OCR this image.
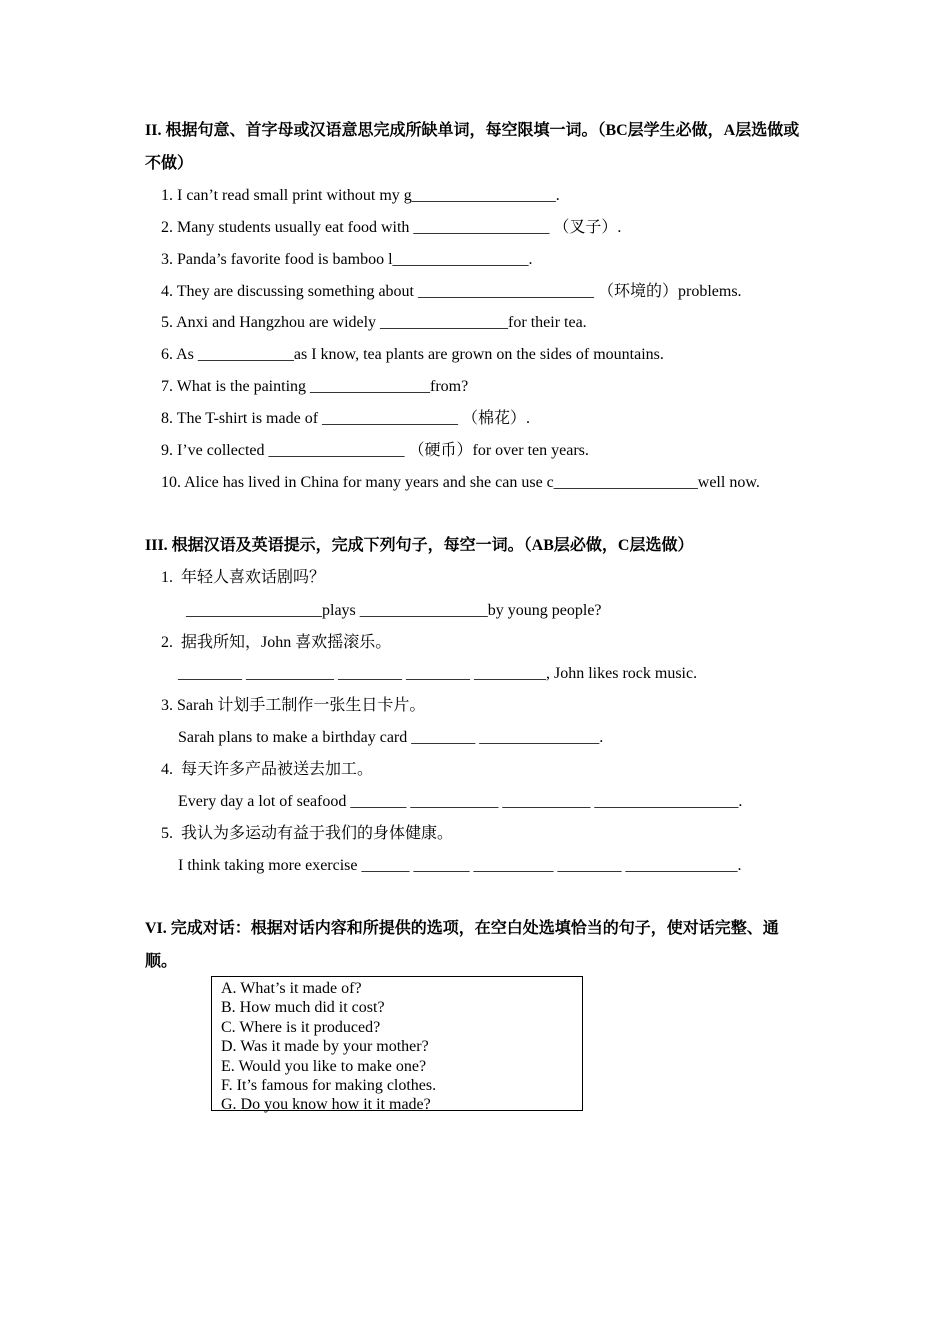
II. 根据句意、首字母或汉语意思完成所缺单词，每空限填一词。（BC层学生必做，A层选做或不做）
1. I can’t read small print without my g__________________.
2. Many students usually eat food with _________________ （叉子）.
3. Panda’s favorite food is bamboo l_________________.
4. They are discussing something about ______________________ （环境的）problems.
5. Anxi and Hangzhou are widely ________________for their tea.
6. As ____________as I know, tea plants are grown on the sides of mountains.
7. What is the painting _______________from?
8. The T-shirt is made of _________________ （棉花）.
9. I’ve collected _________________ （硬币）for over ten years.
10. Alice has lived in China for many years and she can use c__________________well now.
III. 根据汉语及英语提示，完成下列句子，每空一词。（AB层必做，C层选做）
1.  年轻人喜欢话剧吗？
_________________plays ________________by young people?
2.  据我所知，John 喜欢摇滚乐。
________ ___________ ________ ________ _________, John likes rock music.
3. Sarah 计划手工制作一张生日卡片。
Sarah plans to make a birthday card ________ _______________.
4.  每天许多产品被送去加工。
Every day a lot of seafood _______ ___________ ___________ __________________.
5.  我认为多运动有益于我们的身体健康。
I think taking more exercise ______ _______ __________ ________ ______________.
VI. 完成对话：根据对话内容和所提供的选项，在空白处选填恰当的句子，使对话完整、通顺。
A. What’s it made of?
B. How much did it cost?
C. Where is it produced?
D. Was it made by your mother?
E. Would you like to make one?
F. It’s famous for making clothes.
G. Do you know how it it made?
